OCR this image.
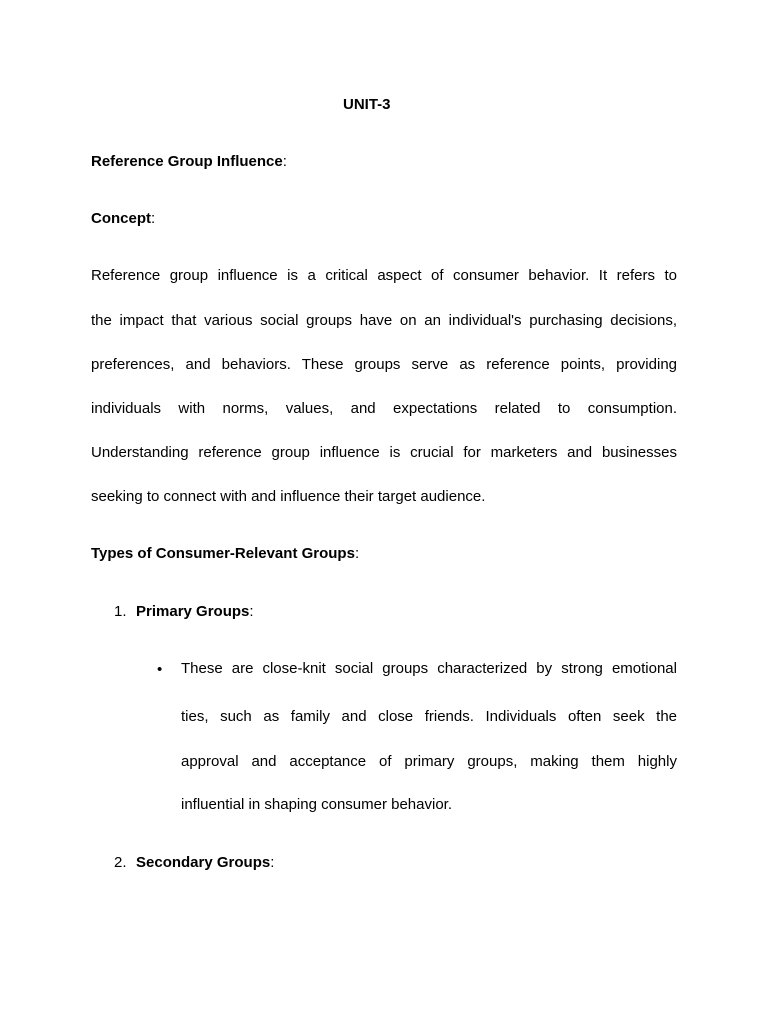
UNIT-3
Reference Group Influence:
Concept:
Reference group influence is a critical aspect of consumer behavior. It refers to
the impact that various social groups have on an individual's purchasing decisions,
preferences, and behaviors. These groups serve as reference points, providing
individuals with norms, values, and expectations related to consumption.
Understanding reference group influence is crucial for marketers and businesses
seeking to connect with and influence their target audience.
Types of Consumer-Relevant Groups:
1. Primary Groups:
•	These are close-knit social groups characterized by strong emotional
ties, such as family and close friends. Individuals often seek the
approval and acceptance of primary groups, making them highly
influential in shaping consumer behavior.
2. Secondary Groups:
